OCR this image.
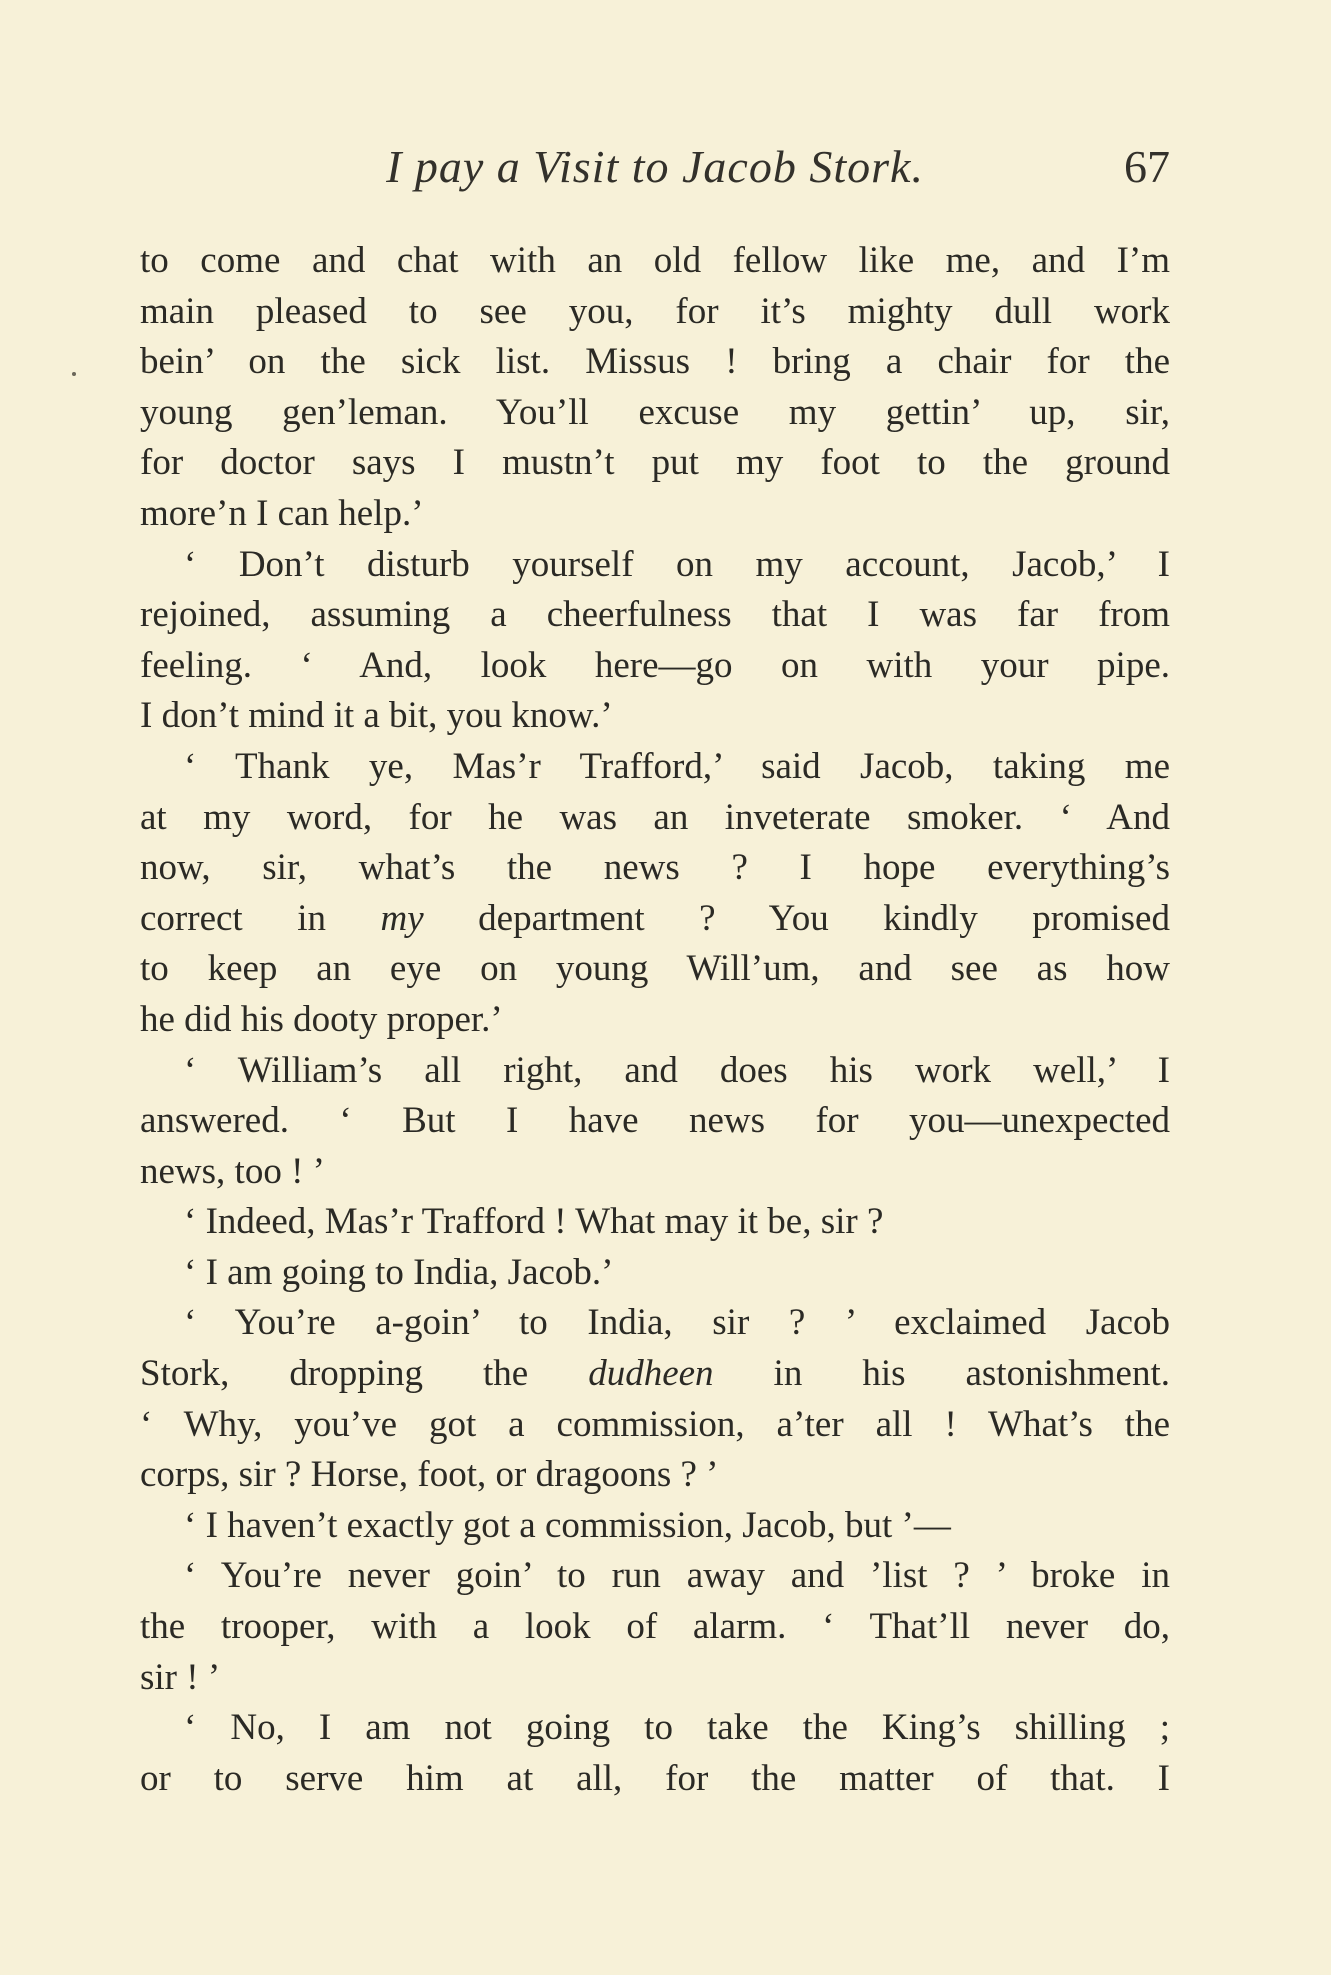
I pay a Visit to Jacob Stork.	67
to come and chat with an old fellow like me, and I’m
main pleased to see you, for it’s mighty dull work
bein’ on the sick list. Missus ! bring a chair for the
young gen’leman. You’ll excuse my gettin’ up, sir,
for doctor says I mustn’t put my foot to the ground
more’n I can help.’
‘ Don’t disturb yourself on my account, Jacob,’ I
rejoined, assuming a cheerfulness that I was far from
feeling. ‘ And, look here—go on with your pipe.
I don’t mind it a bit, you know.’
‘ Thank ye, Mas’r Trafford,’ said Jacob, taking me
at my word, for he was an inveterate smoker. ‘ And
now, sir, what’s the news ? I hope everything’s
correct in my department ? You kindly promised
to keep an eye on young Will’um, and see as how
he did his dooty proper.’
‘ William’s all right, and does his work well,’ I
answered. ‘ But I have news for you—unexpected
news, too ! ’
‘ Indeed, Mas’r Trafford ! What may it be, sir ?
‘ I am going to India, Jacob.’
‘ You’re a-goin’ to India, sir ? ’ exclaimed Jacob
Stork, dropping the dudheen in his astonishment.
‘ Why, you’ve got a commission, a’ter all ! What’s the
corps, sir ? Horse, foot, or dragoons ? ’
‘ I haven’t exactly got a commission, Jacob, but ’—
‘ You’re never goin’ to run away and ’list ? ’ broke in
the trooper, with a look of alarm. ‘ That’ll never do,
sir ! ’
‘ No, I am not going to take the King’s shilling ;
or to serve him at all, for the matter of that. I
